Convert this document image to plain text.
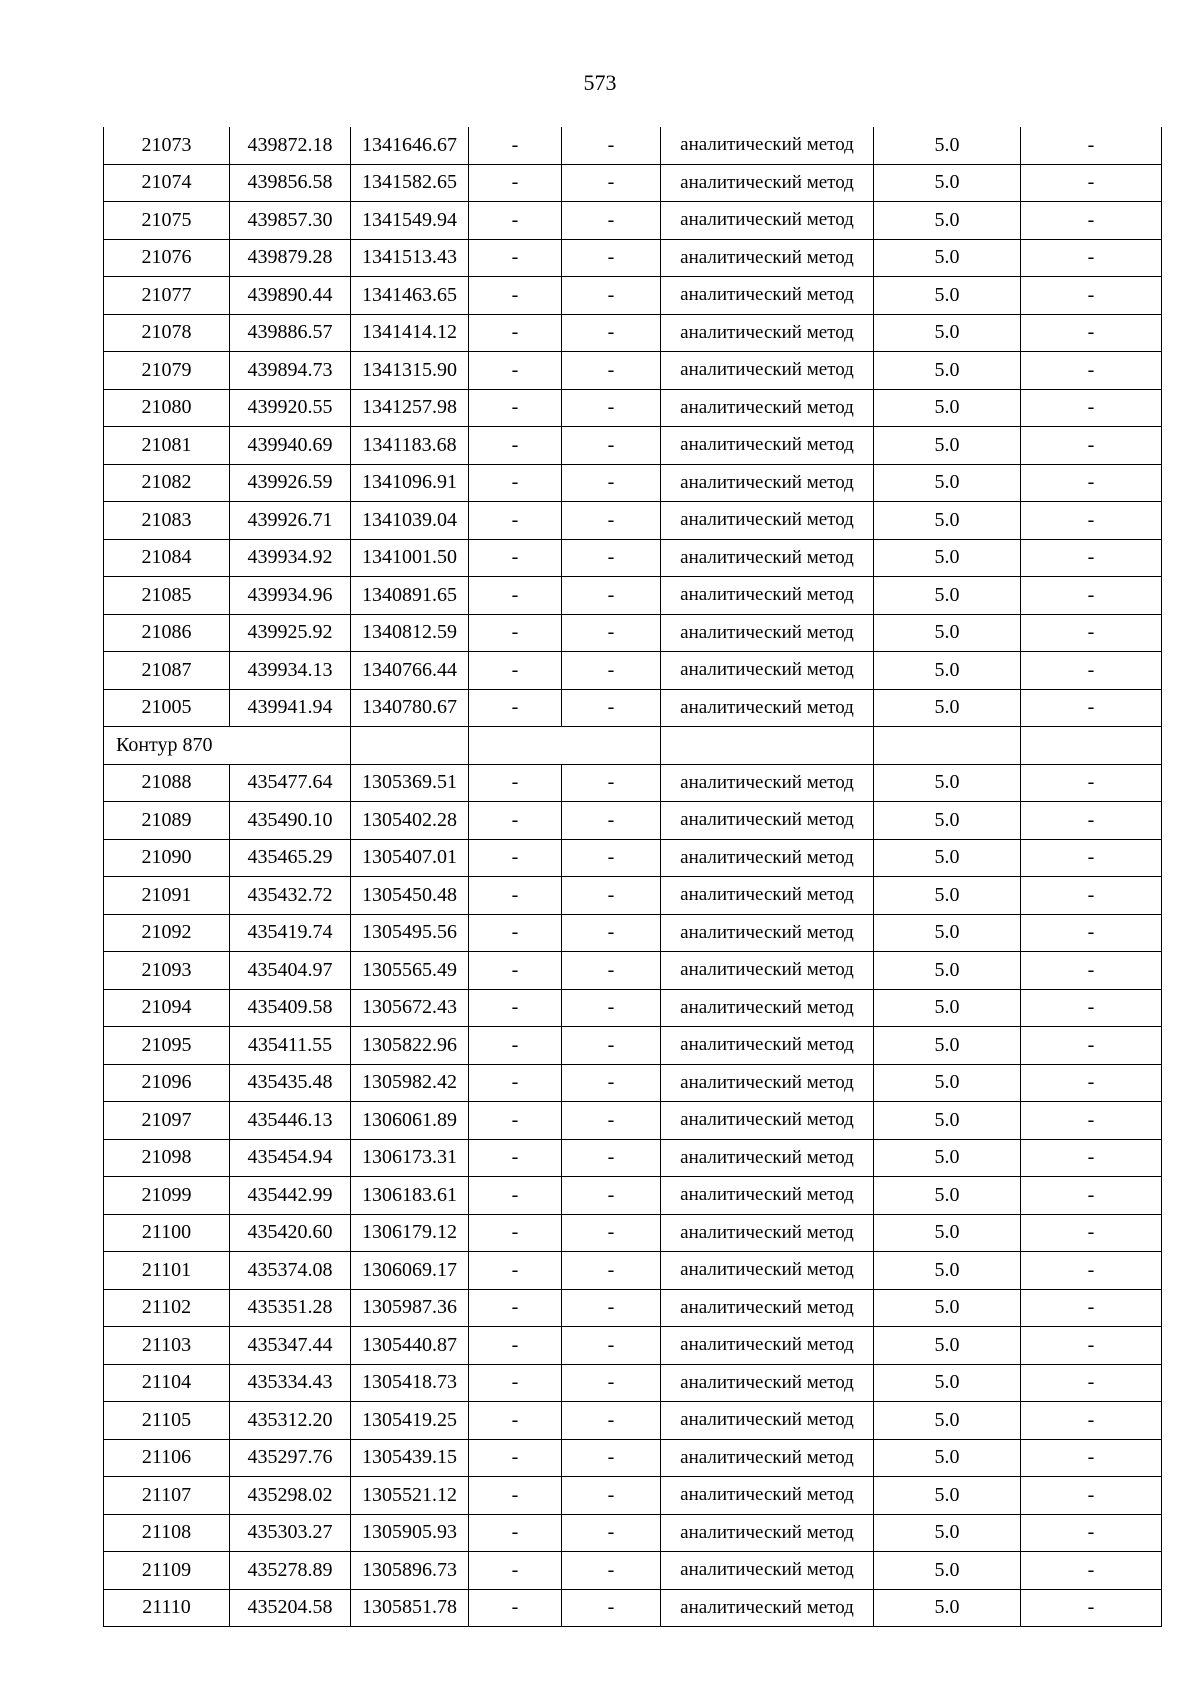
573
21073	439872.18	1341646.67	-	-	аналитический метод	5.0	-
21074	439856.58	1341582.65	-	-	аналитический метод	5.0	-
21075	439857.30	1341549.94	-	-	аналитический метод	5.0	-
21076	439879.28	1341513.43	-	-	аналитический метод	5.0	-
21077	439890.44	1341463.65	-	-	аналитический метод	5.0	-
21078	439886.57	1341414.12	-	-	аналитический метод	5.0	-
21079	439894.73	1341315.90	-	-	аналитический метод	5.0	-
21080	439920.55	1341257.98	-	-	аналитический метод	5.0	-
21081	439940.69	1341183.68	-	-	аналитический метод	5.0	-
21082	439926.59	1341096.91	-	-	аналитический метод	5.0	-
21083	439926.71	1341039.04	-	-	аналитический метод	5.0	-
21084	439934.92	1341001.50	-	-	аналитический метод	5.0	-
21085	439934.96	1340891.65	-	-	аналитический метод	5.0	-
21086	439925.92	1340812.59	-	-	аналитический метод	5.0	-
21087	439934.13	1340766.44	-	-	аналитический метод	5.0	-
21005	439941.94	1340780.67	-	-	аналитический метод	5.0	-
Контур 870							
21088	435477.64	1305369.51	-	-	аналитический метод	5.0	-
21089	435490.10	1305402.28	-	-	аналитический метод	5.0	-
21090	435465.29	1305407.01	-	-	аналитический метод	5.0	-
21091	435432.72	1305450.48	-	-	аналитический метод	5.0	-
21092	435419.74	1305495.56	-	-	аналитический метод	5.0	-
21093	435404.97	1305565.49	-	-	аналитический метод	5.0	-
21094	435409.58	1305672.43	-	-	аналитический метод	5.0	-
21095	435411.55	1305822.96	-	-	аналитический метод	5.0	-
21096	435435.48	1305982.42	-	-	аналитический метод	5.0	-
21097	435446.13	1306061.89	-	-	аналитический метод	5.0	-
21098	435454.94	1306173.31	-	-	аналитический метод	5.0	-
21099	435442.99	1306183.61	-	-	аналитический метод	5.0	-
21100	435420.60	1306179.12	-	-	аналитический метод	5.0	-
21101	435374.08	1306069.17	-	-	аналитический метод	5.0	-
21102	435351.28	1305987.36	-	-	аналитический метод	5.0	-
21103	435347.44	1305440.87	-	-	аналитический метод	5.0	-
21104	435334.43	1305418.73	-	-	аналитический метод	5.0	-
21105	435312.20	1305419.25	-	-	аналитический метод	5.0	-
21106	435297.76	1305439.15	-	-	аналитический метод	5.0	-
21107	435298.02	1305521.12	-	-	аналитический метод	5.0	-
21108	435303.27	1305905.93	-	-	аналитический метод	5.0	-
21109	435278.89	1305896.73	-	-	аналитический метод	5.0	-
21110	435204.58	1305851.78	-	-	аналитический метод	5.0	-
